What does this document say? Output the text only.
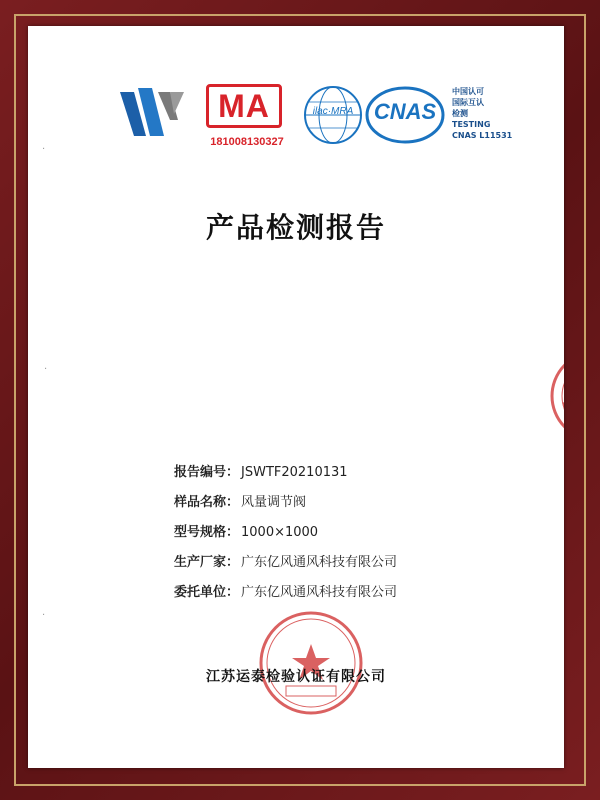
MA
181008130327
ilac·MRA CNAS
中国认可
国际互认
检测
TESTING
CNAS L11531
产品检测报告
报告编号： JSWTF20210131
样品名称： 风量调节阀
型号规格： 1000×1000
生产厂家： 广东亿风通风科技有限公司
委托单位： 广东亿风通风科技有限公司
江苏运泰检验认证有限公司
·
·
·
